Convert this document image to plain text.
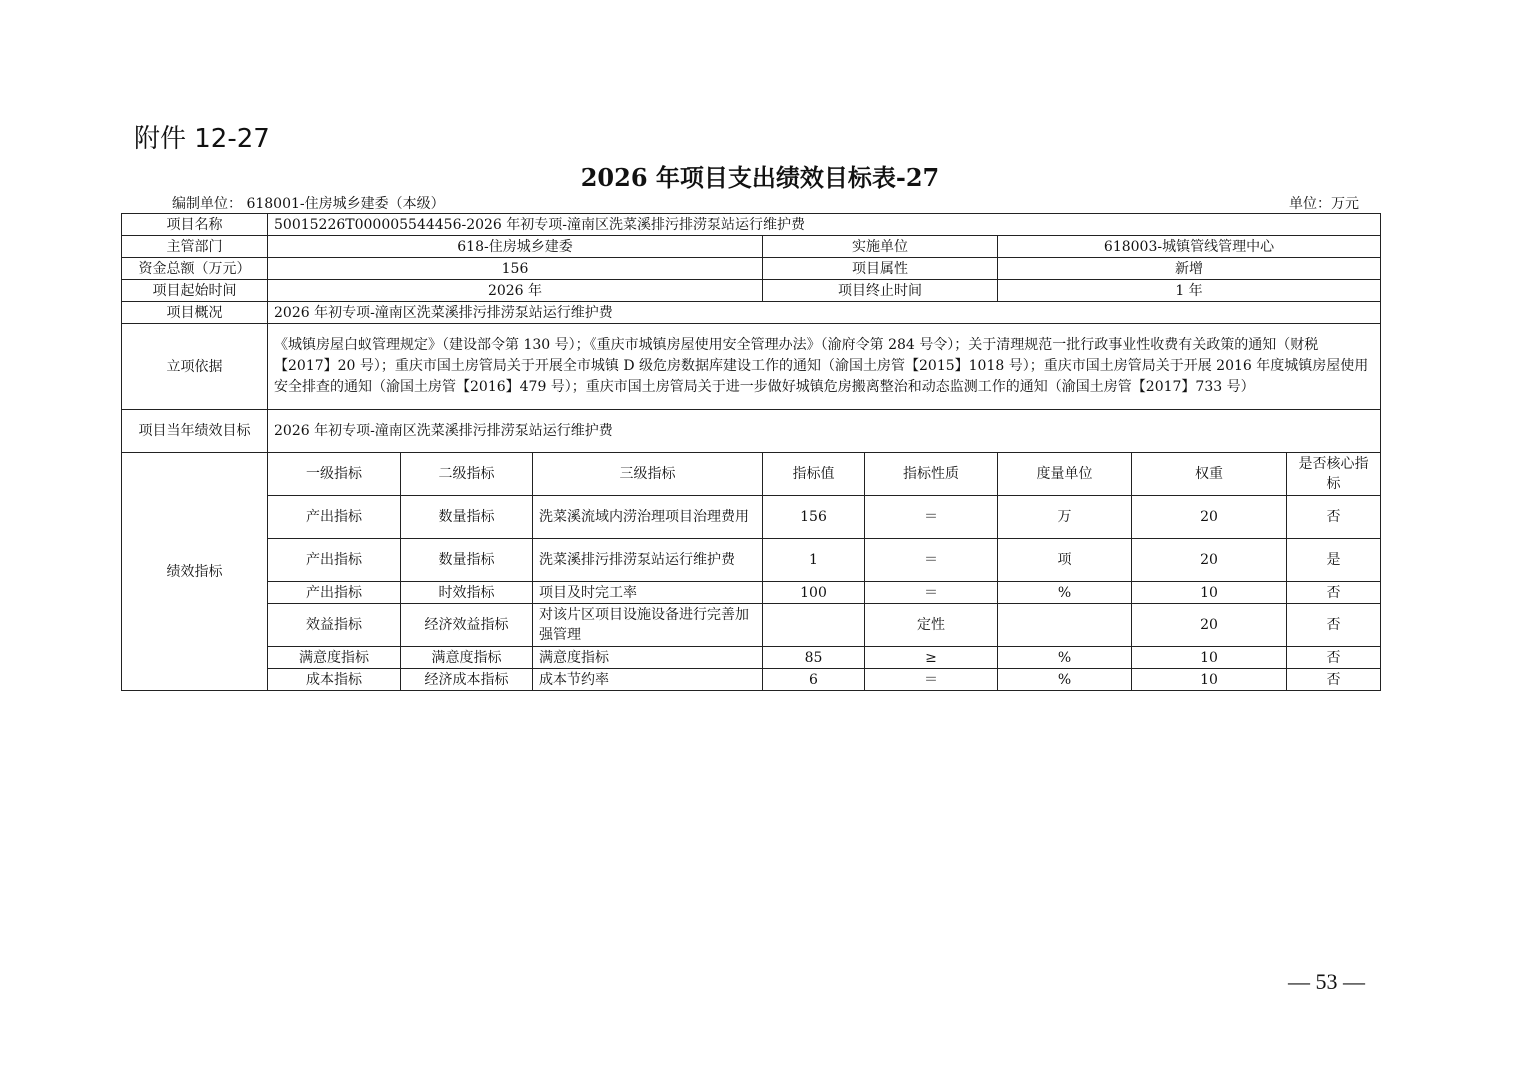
附件 12-27
2026 年项目支出绩效目标表-27
编制单位： 618001-住房城乡建委（本级）	单位：万元
项目名称	50015226T000005544456-2026 年初专项-潼南区洗菜溪排污排涝泵站运行维护费							
主管部门	618-住房城乡建委			实施单位		618003-城镇管线管理中心		
资金总额（万元）	156			项目属性		新增		
项目起始时间	2026 年			项目终止时间		1 年		
项目概况	2026 年初专项-潼南区洗菜溪排污排涝泵站运行维护费							
立项依据	《城镇房屋白蚁管理规定》（建设部令第 130 号）；《重庆市城镇房屋使用安全管理办法》（渝府令第 284 号令）；关于清理规范一批行政事业性收费有关政策的通知（财税【2017】20 号）；重庆市国土房管局关于开展全市城镇 D 级危房数据库建设工作的通知（渝国土房管【2015】1018 号）；重庆市国土房管局关于开展 2016 年度城镇房屋使用安全排查的通知（渝国土房管【2016】479 号）；重庆市国土房管局关于进一步做好城镇危房搬离整治和动态监测工作的通知（渝国土房管【2017】733 号）							
项目当年绩效目标	2026 年初专项-潼南区洗菜溪排污排涝泵站运行维护费							
绩效指标	一级指标	二级指标	三级指标	指标值	指标性质	度量单位	权重	是否核心指标
	产出指标	数量指标	洗菜溪流域内涝治理项目治理费用	156	＝	万	20	否
	产出指标	数量指标	洗菜溪排污排涝泵站运行维护费	1	＝	项	20	是
	产出指标	时效指标	项目及时完工率	100	＝	%	10	否
	效益指标	经济效益指标	对该片区项目设施设备进行完善加强管理		定性		20	否
	满意度指标	满意度指标	满意度指标	85	≥	%	10	否
	成本指标	经济成本指标	成本节约率	6	＝	%	10	否
— 53 —
